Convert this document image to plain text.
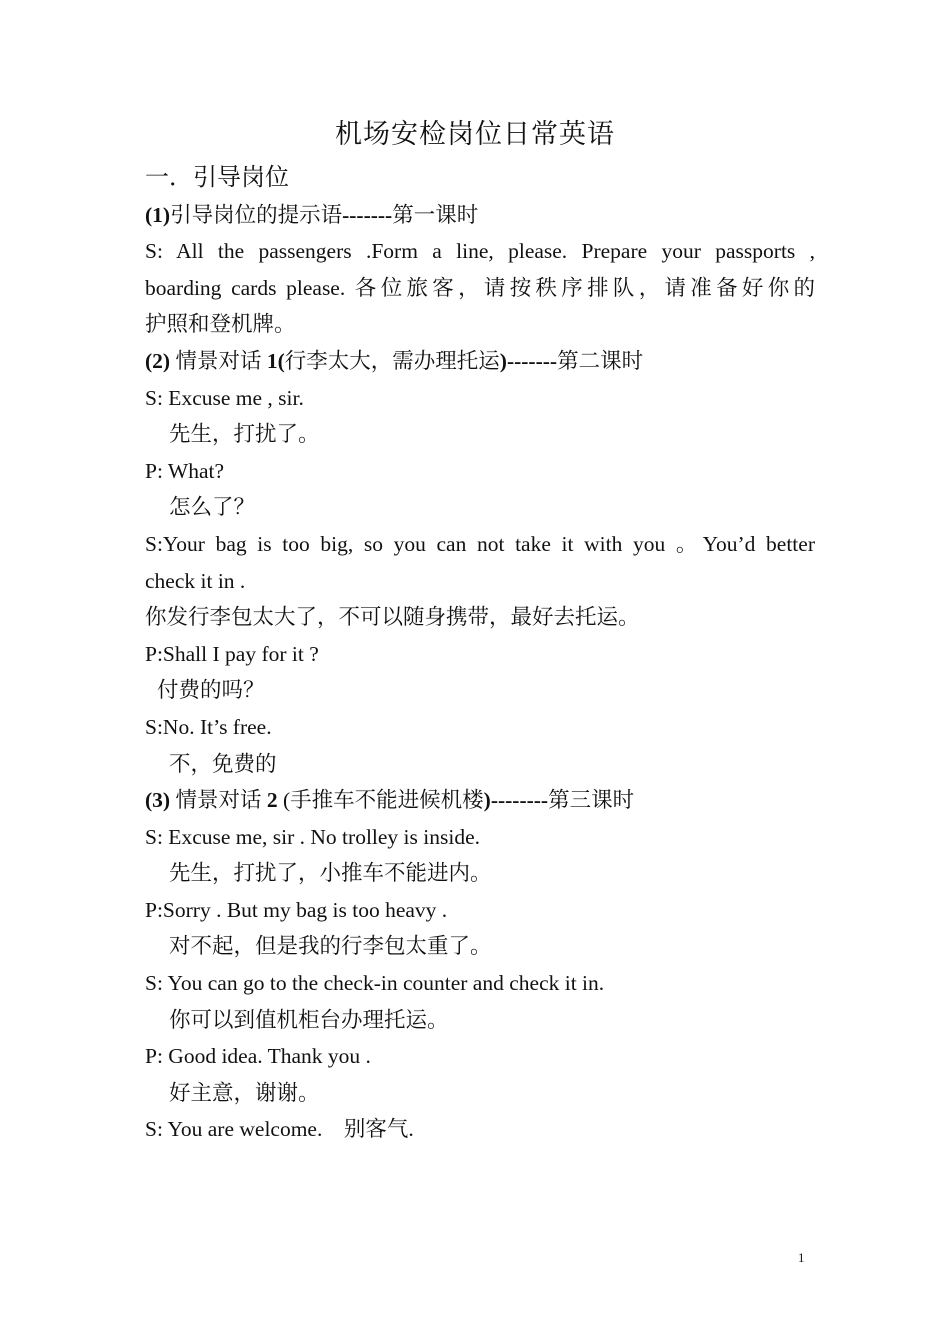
机场安检岗位日常英语
一．引导岗位
(1)引导岗位的提示语-------第一课时
S: All the passengers .Form a line, please. Prepare your passports ,
boarding cards please. 各位旅客，请按秩序排队，请准备好你的
护照和登机牌。
(2) 情景对话 1(行李太大，需办理托运)-------第二课时
S: Excuse me , sir.
先生，打扰了。
P: What?
怎么了？
S:Your bag is too big, so you can not take it with you 。You’d better
check it in .
你发行李包太大了，不可以随身携带，最好去托运。
P:Shall I pay for it ?
付费的吗？
S:No. It’s free.
不，免费的
(3) 情景对话 2 (手推车不能进候机楼)--------第三课时
S: Excuse me, sir . No trolley is inside.
先生，打扰了，小推车不能进内。
P:Sorry . But my bag is too heavy .
对不起，但是我的行李包太重了。
S: You can go to the check-in counter and check it in.
你可以到值机柜台办理托运。
P: Good idea. Thank you .
好主意，谢谢。
S: You are welcome.    别客气.
1
